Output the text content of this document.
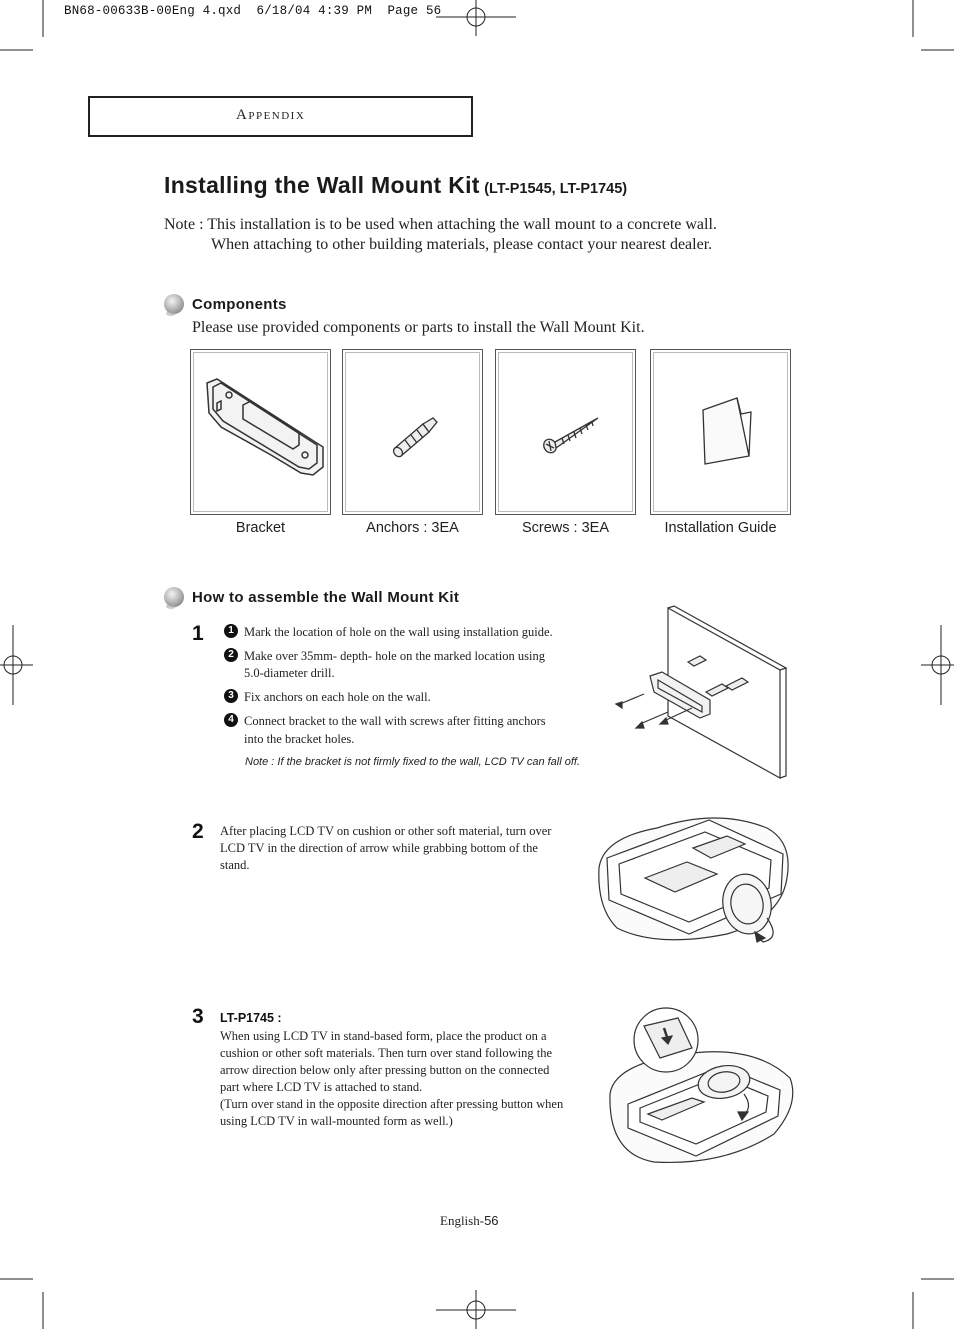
BN68-00633B-00Eng 4.qxd  6/18/04 4:39 PM  Page 56
Appendix
Installing the Wall Mount Kit (LT-P1545, LT-P1745)
Note : This installation is to be used when attaching the wall mount to a concrete wall.
When attaching to other building materials, please contact your nearest dealer.
Components
Please use provided components or parts to install the Wall Mount Kit.
Bracket	Anchors : 3EA	Screws : 3EA	Installation Guide
How to assemble the Wall Mount Kit
1	1 Mark the location of hole on the wall using installation guide.
2 Make over 35mm- depth- hole on the marked location using
5.0-diameter drill.
3 Fix anchors on each hole on the wall.
4 Connect bracket to the wall with screws after fitting anchors
into the bracket holes.
Note : If the bracket is not firmly fixed to the wall, LCD TV can fall off.
2 After placing LCD TV on cushion or other soft material, turn over
LCD TV in the direction of arrow while grabbing bottom of the
stand.
3 LT-P1745 :
When using LCD TV in stand-based form, place the product on a
cushion or other soft materials. Then turn over stand following the
arrow direction below only after pressing button on the connected
part where LCD TV is attached to stand.
(Turn over stand in the opposite direction after pressing button when
using LCD TV in wall-mounted form as well.)
English-56
